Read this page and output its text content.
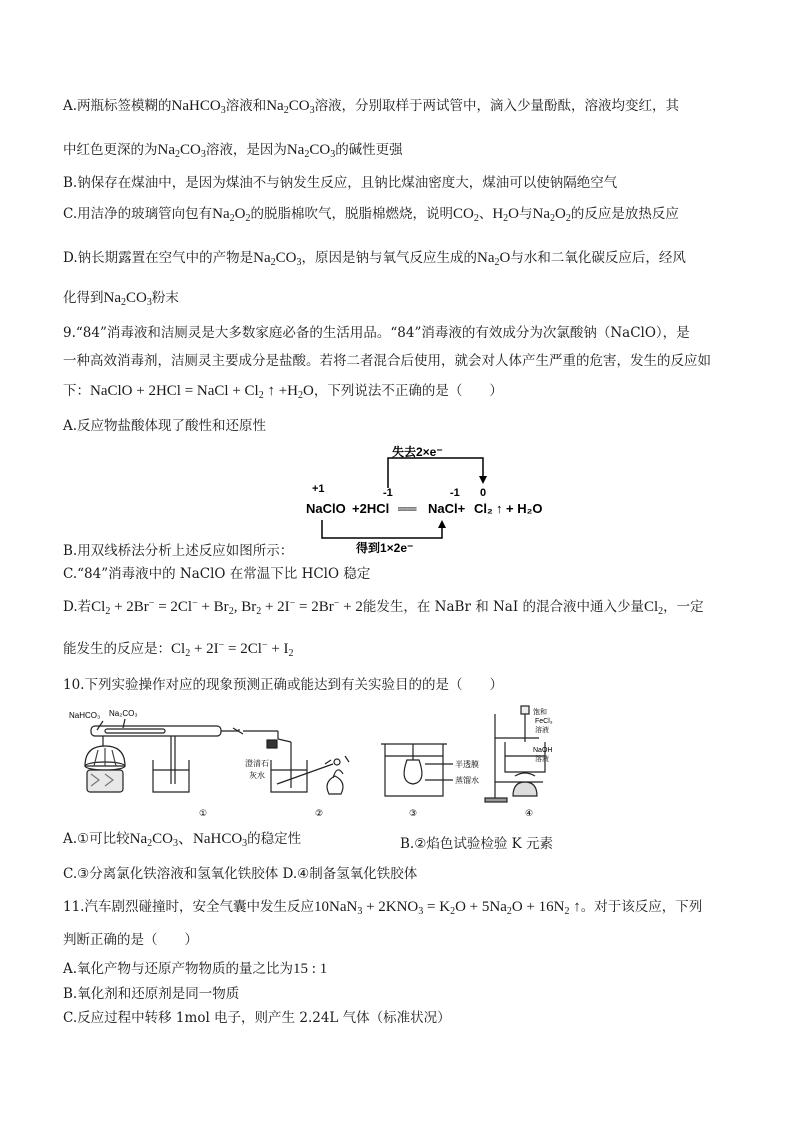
A.两瓶标签模糊的NaHCO$_3$溶液和$Na_2CO_3$溶液，分别取样于两试管中，滴入少量酚酞，溶液均变红，其
中红色更深的为$Na_2CO_3$溶液，是因为$Na_2CO_3$的碱性更强
B.钠保存在煤油中，是因为煤油不与钠发生反应，且钠比煤油密度大，煤油可以使钠隔绝空气
C.用洁净的玻璃管向包有$Na_2O_2$的脱脂棉吹气，脱脂棉燃烧，说明$CO_2$、$H_2O$与$Na_2O_2$的反应是放热反应
D.钠长期露置在空气中的产物是$Na_2CO_3$，原因是钠与氧气反应生成的$Na_2O$与水和二氧化碳反应后，经风
化得到$Na_2CO_3$粉末
9.“84”消毒液和洁厕灵是大多数家庭必备的生活用品。“84”消毒液的有效成分为次氯酸钠（NaClO），是
一种高效消毒剂，洁厕灵主要成分是盐酸。若将二者混合后使用，就会对人体产生严重的危害，发生的反应如
下：NaClO + 2HCl = NaCl + $Cl_2$ ↑ $+H_2O$，下列说法不正确的是（　　）
A.反应物盐酸体现了酸性和还原性
失去2×e⁻
+1	-1	-1 0
NaClO +2HCl ══ NaCl+ Cl₂ ↑ + H₂O
得到1×2e⁻
B.用双线桥法分析上述反应如图所示：
C.“84”消毒液中的 NaClO 在常温下比 HClO 稳定
D.若$Cl_2 + 2Br^- = 2Cl^- + Br_2$, $Br_2 + 2I^- = 2Br^- + 2$能发生，在 NaBr 和 NaI 的混合液中通入少量$Cl_2$，一定
能发生的反应是：$Cl_2 + 2I^- = 2Cl^- + I_2$
10.下列实验操作对应的现象预测正确或能达到有关实验目的的是（　　）
NaHCO₃ Na₂CO₃
澄清石
灰水
①	②
半透膜
蒸馏水
③
饱和
FeCl₃
溶液
NaOH
溶液
④
A.①可比较$Na_2CO_3$、NaHCO$_3$的稳定性	B.②焰色试验检验 K 元素
C.③分离氯化铁溶液和氢氧化铁胶体 D.④制备氢氧化铁胶体
11.汽车剧烈碰撞时，安全气囊中发生反应$10NaN_3 + 2KNO_3 = K_2O + 5Na_2O + 16N_2$ ↑。对于该反应，下列
判断正确的是（　　）
A.氧化产物与还原产物物质的量之比为15 : 1
B.氧化剂和还原剂是同一物质
C.反应过程中转移 1mol 电子，则产生 2.24L 气体（标准状况）
